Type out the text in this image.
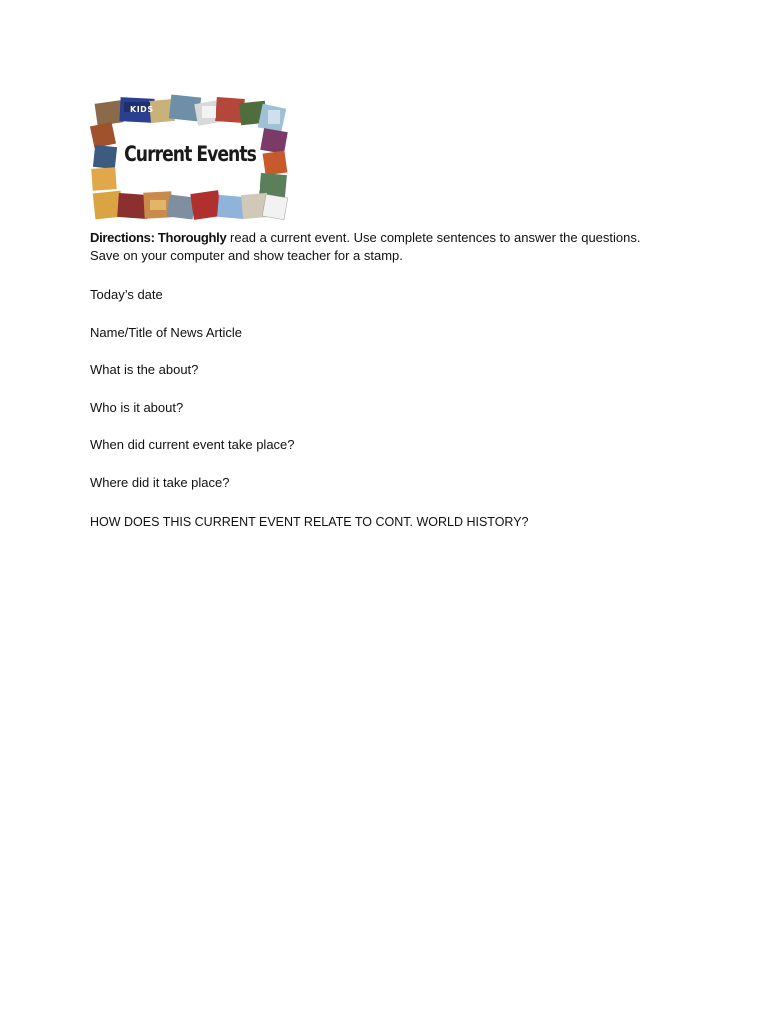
KIDS
Current Events
Directions: Thoroughly read a current event. Use complete sentences to answer the questions.
Save on your computer and show teacher for a stamp.
Today’s date
Name/Title of News Article
What is the about?
Who is it about?
When did current event take place?
Where did it take place?
HOW DOES THIS CURRENT EVENT RELATE TO CONT. WORLD HISTORY?
